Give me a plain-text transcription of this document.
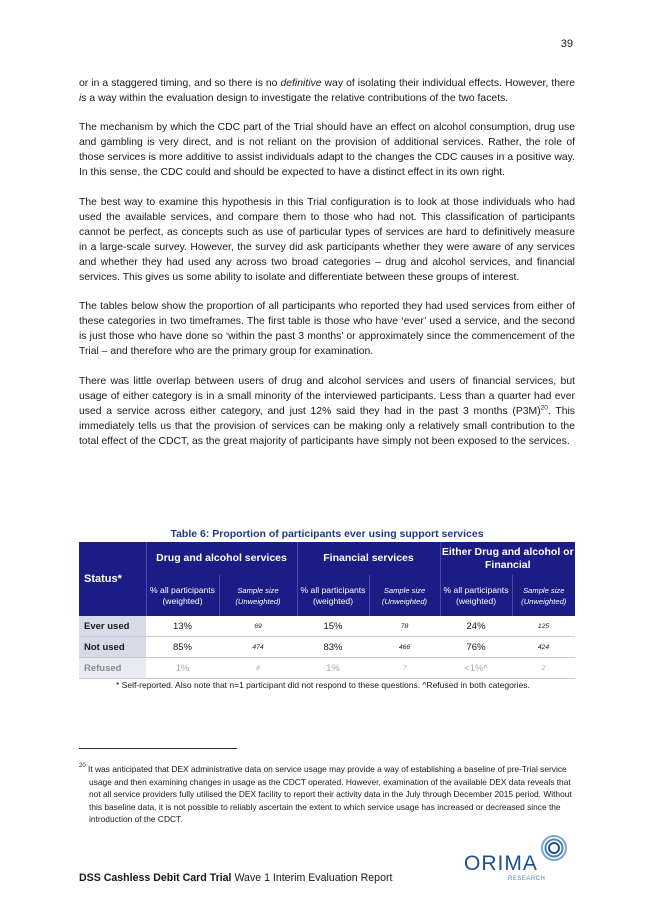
39

or in a staggered timing, and so there is no definitive way of isolating their individual effects. However, there is a way within the evaluation design to investigate the relative contributions of the two facets.

The mechanism by which the CDC part of the Trial should have an effect on alcohol consumption, drug use and gambling is very direct, and is not reliant on the provision of additional services. Rather, the role of those services is more additive to assist individuals adapt to the changes the CDC causes in a positive way. In this sense, the CDC could and should be expected to have a distinct effect in its own right.

The best way to examine this hypothesis in this Trial configuration is to look at those individuals who had used the available services, and compare them to those who had not. This classification of participants cannot be perfect, as concepts such as use of particular types of services are hard to definitively measure in a large-scale survey. However, the survey did ask participants whether they were aware of any services and whether they had used any across two broad categories – drug and alcohol services, and financial services. This gives us some ability to isolate and differentiate between these groups of interest.

The tables below show the proportion of all participants who reported they had used services from either of these categories in two timeframes. The first table is those who have ‘ever’ used a service, and the second is just those who have done so ‘within the past 3 months’ or approximately since the commencement of the Trial – and therefore who are the primary group for examination.

There was little overlap between users of drug and alcohol services and users of financial services, but usage of either category is in a small minority of the interviewed participants. Less than a quarter had ever used a service across either category, and just 12% said they had in the past 3 months $(P3M)^{20}$. This immediately tells us that the provision of services can be making only a relatively small contribution to the total effect of the CDCT, as the great majority of participants have simply not been exposed to the services.

Table 6: Proportion of participants ever using support services
Status*	Drug and alcohol services		Financial services		Either Drug and alcohol or Financial	
	% all participants (weighted)	Sample size (Unweighted)	% all participants (weighted)	Sample size (Unweighted)	% all participants (weighted)	Sample size (Unweighted)
Ever used	13%	69	15%	78	24%	125
Not used	85%	474	83%	466	76%	424
Refused	1%	8	1%	7	<1%^	2
* Self-reported. Also note that n=1 participant did not respond to these questions. ^Refused in both categories.
20 It was anticipated that DEX administrative data on service usage may provide a way of establishing a baseline of pre-Trial service usage and then examining changes in usage as the CDCT operated. However, examination of the available DEX data reveals that not all service providers fully utilised the DEX facility to report their activity data in the July through December 2015 period. Without this baseline data, it is not possible to reliably ascertain the extent to which service usage has increased or decreased since the introduction of the CDCT.
ORIMA
RESEARCH
DSS Cashless Debit Card Trial Wave 1 Interim Evaluation Report
